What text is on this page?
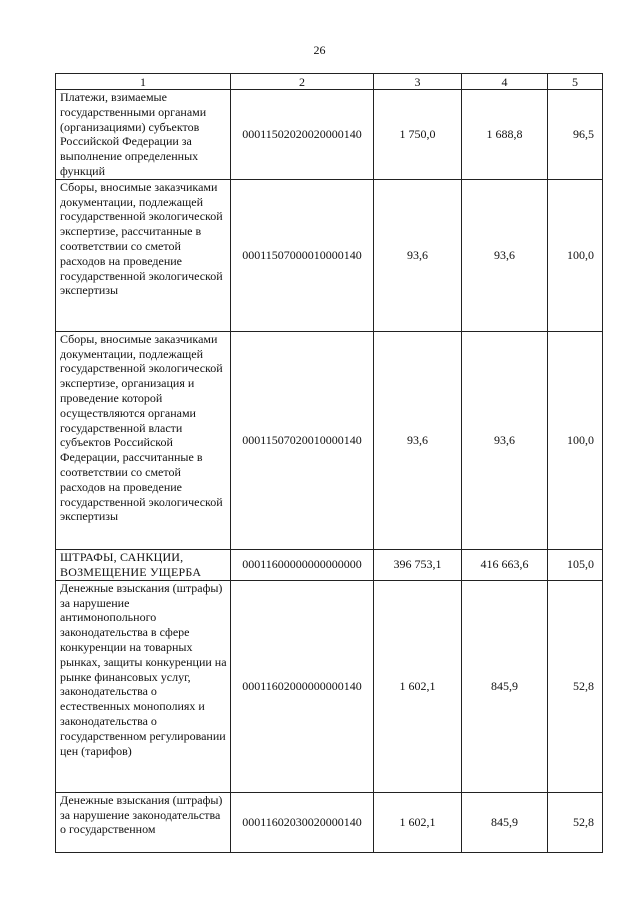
26
1	2	3	4	5
Платежи, взимаемые государственными органами (организациями) субъектов Российской Федерации за выполнение определенных функций	00011502020020000140	1 750,0	1 688,8	96,5
Сборы, вносимые заказчиками документации, подлежащей государственной экологической экспертизе, рассчитанные в соответствии со сметой расходов на проведение государственной экологической экспертизы	00011507000010000140	93,6	93,6	100,0
Сборы, вносимые заказчиками документации, подлежащей государственной экологической экспертизе, организация и проведение которой осуществляются органами государственной власти субъектов Российской Федерации, рассчитанные в соответствии со сметой расходов на проведение государственной экологической экспертизы	00011507020010000140	93,6	93,6	100,0
ШТРАФЫ, САНКЦИИ, ВОЗМЕЩЕНИЕ УЩЕРБА	00011600000000000000	396 753,1	416 663,6	105,0
Денежные взыскания (штрафы) за нарушение антимонопольного законодательства в сфере конкуренции на товарных рынках, защиты конкуренции на рынке финансовых услуг, законодательства о естественных монополиях и законодательства о государственном регулировании цен (тарифов)	00011602000000000140	1 602,1	845,9	52,8
Денежные взыскания (штрафы) за нарушение законодательства о государственном	00011602030020000140	1 602,1	845,9	52,8
